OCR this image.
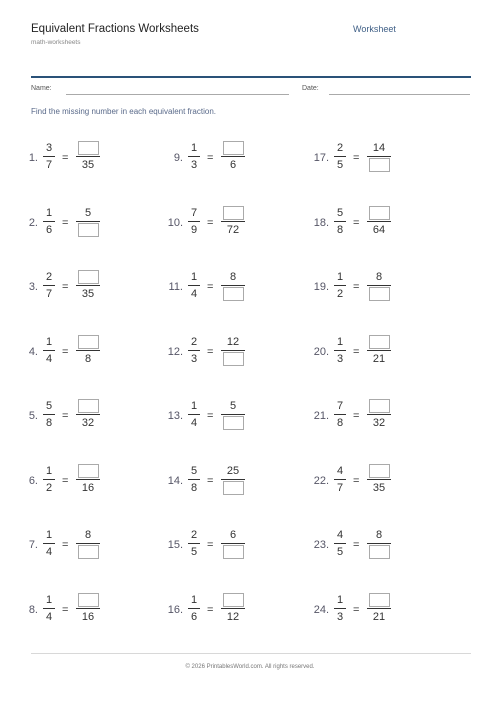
Equivalent Fractions Worksheets
math-worksheets
Worksheet
Name:	Date:
Find the missing number in each equivalent fraction.
1.
3
7
=
35
2.
1
6
=
5
3.
2
7
=
35
4.
1
4
=
8
5.
5
8
=
32
6.
1
2
=
16
7.
1
4
=
8
8.
1
4
=
16
9.
1
3
=
6
10.
7
9
=
72
11.
1
4
=
8
12.
2
3
=
12
13.
1
4
=
5
14.
5
8
=
25
15.
2
5
=
6
16.
1
6
=
12
17.
2
5
=
14
18.
5
8
=
64
19.
1
2
=
8
20.
1
3
=
21
21.
7
8
=
32
22.
4
7
=
35
23.
4
5
=
8
24.
1
3
=
21
© 2026 PrintablesWorld.com. All rights reserved.
